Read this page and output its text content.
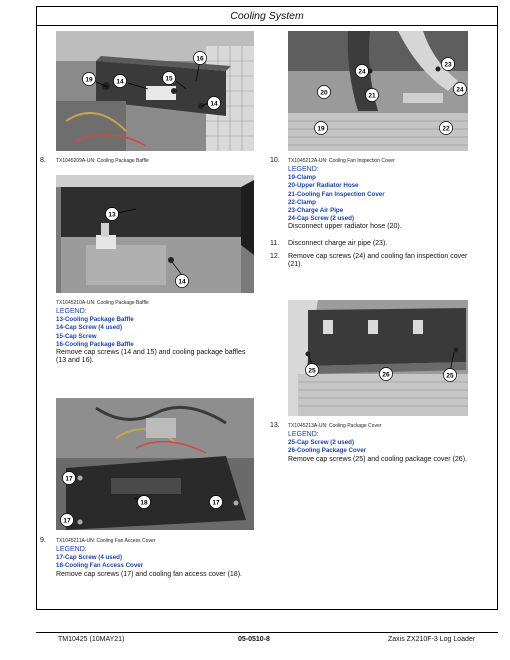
Cooling System
19	14	15
16
14
8. TX1045209A-UN: Cooling Package Baffle
13
14
TX1045210A-UN: Cooling Package Baffle
LEGEND:
13-Cooling Package Baffle
14-Cap Screw (4 used)
15-Cap Screw
16-Cooling Package Baffle
Remove cap screws (14 and 15) and cooling package baffles (13 and 16).
17
18	17
17
9. TX1045211A-UN: Cooling Fan Access Cover
LEGEND:
17-Cap Screw (4 used)
18-Cooling Fan Access Cover
Remove cap screws (17) and cooling fan access cover (18).
24
23
20	21
24
19	22
10. TX1045212A-UN: Cooling Fan Inspection Cover
LEGEND:
19-Clamp
20-Upper Radiator Hose
21-Cooling Fan Inspection Cover
22-Clamp
23-Charge Air Pipe
24-Cap Screw (2 used)
Disconnect upper radiator hose (20).
11. Disconnect charge air pipe (23).
12. Remove cap screws (24) and cooling fan inspection cover
(21).
25
26	25
13. TX1045213A-UN: Cooling Package Cover
LEGEND:
25-Cap Screw (2 used)
26-Cooling Package Cover
Remove cap screws (25) and cooling package cover (26).
TM10425 (10MAY21)	05-0510-8	Zaxis ZX210F-3 Log Loader
